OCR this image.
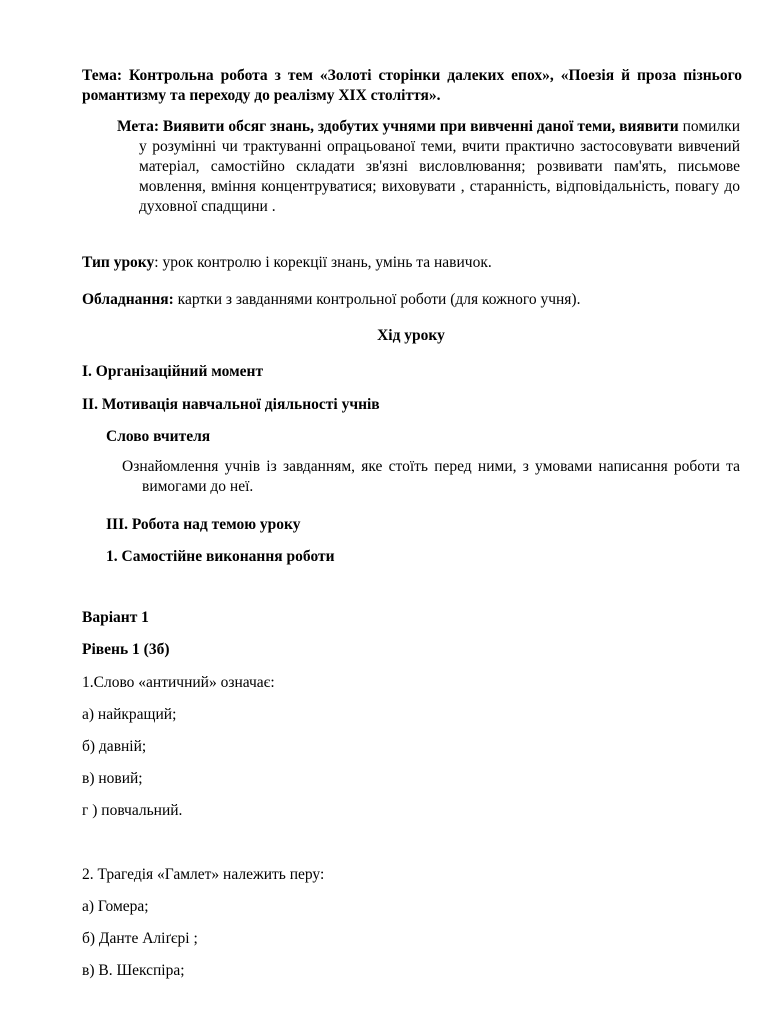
Тема: Контрольна робота з тем «Золоті сторінки далеких епох», «Поезія й проза пізнього романтизму та переходу до реалізму XIX століття».
Мета: Виявити обсяг знань, здобутих учнями при вивченні даної теми, виявити помилки у розумінні чи трактуванні опрацьованої теми, вчити практично застосовувати вивчений матеріал, самостійно складати зв'язні висловлювання; розвивати пам'ять, письмове мовлення, вміння концентруватися; виховувати , старанність, відповідальність, повагу до духовної спадщини .
Тип уроку: урок контролю і корекції знань, умінь та навичок.
Обладнання: картки з завданнями контрольної роботи (для кожного учня).
Хід уроку
I. Організаційний момент
II. Мотивація навчальної діяльності учнів
Слово вчителя
Ознайомлення учнів із завданням, яке стоїть перед ними, з умовами написання роботи та вимогами до неї.
III. Робота над темою уроку
1. Самостійне виконання роботи
Варіант 1
Рівень 1 (3б)
1.Слово «античний» означає:
а) найкращий;
б) давній;
в) новий;
г ) повчальний.
2. Трагедія «Гамлет» належить перу:
а) Гомера;
б) Данте Аліґєрі ;
в) В. Шекспіра;
